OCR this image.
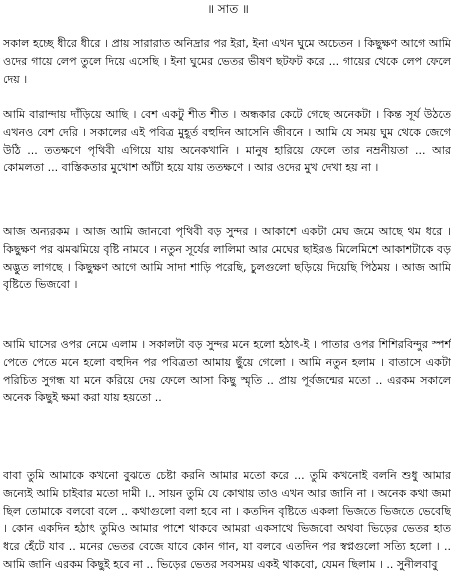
॥ সাত ॥

সকাল হচ্ছে ধীরে ধীরে । প্রায় সারারাত অনিদ্রার পর ইরা, ইনা এখন ঘুমে অচেতন । কিছুক্ষণ আগে আমি ওদের গায়ে লেপ তুলে দিয়ে এসেছি । ইনা ঘুমের ভেতর ভীষণ ছটফট করে ... গায়ের থেকে লেপ ফেলে দেয় ।

আমি বারান্দায় দাঁড়িয়ে আছি । বেশ একটু শীত শীত । অন্ধকার কেটে গেছে অনেকটা । কিন্ত সূর্য উঠতে এখনও বেশ দেরি । সকালের এই পবিত্র মুহূর্ত বহুদিন আসেনি জীবনে । আমি যে সময় ঘুম থেকে জেগে উঠি ... ততক্ষণে পৃথিবী এগিয়ে যায় অনেকখানি । মানুষ হারিয়ে ফেলে তার নম্রনীয়তা ... আর কোমলতা ... বাস্তিকতার মুখোশ আঁটা হয়ে যায় ততক্ষণে । আর ওদের মুখ দেখা হয় না ।

আজ অন্যরকম । আজ আমি জানবো পৃথিবী বড় সুন্দর । আকাশে একটা মেঘ জমে আছে থম ধরে । কিছুক্ষণ পর ঝমঝমিয়ে বৃষ্টি নামবে । নতুন সূর্যের লালিমা আর মেঘের ছাইরঙ মিলেমিশে আকাশটাকে বড় অদ্ভুত লাগছে । কিছুক্ষণ আগে আমি সাদা শাড়ি পরেছি, চুলগুলো ছড়িয়ে দিয়েছি পিঠময় । আজ আমি বৃষ্টিতে ভিজবো ।

আমি ঘাসের ওপর নেমে এলাম । সকালটা বড় সুন্দর মনে হলো হঠাৎ-ই । পাতার ওপর শিশিরবিন্দুর স্পর্শ পেতে পেতে মনে হলো বহুদিন পর পবিত্রতা আমায় ছুঁয়ে গেলো । আমি নতুন হলাম । বাতাসে একটা পরিচিত সুগন্ধ যা মনে করিয়ে দেয় ফেলে আসা কিছু স্মৃতি .. প্রায় পূর্বজন্মের মতো .. এরকম সকালে অনেক কিছুই ক্ষমা করা যায় হয়তো ..

বাবা তুমি আমাকে কখনো বুঝতে চেষ্টা করনি আমার মতো করে ... তুমি কখনোই বলনি শুধু আমার জন্যেই আমি চাইবার মতো দামী ।.. সায়ন তুমি যে কোথায় তাও এখন আর জানি না । অনেক কথা জমা ছিল তোমাকে বলবো বলে .. কথাগুলো বলা হবে না । কতদিন বৃষ্টিতে একলা ভিজতে ভিজতে ভেবেছি । কোন একদিন হঠাৎ তুমিও আমার পাশে থাকবে আমরা একসাথে ভিজবো অথবা ভিড়ের ভেতর হাত ধরে হেঁটে যাব .. মনের ভেতর বেজে যাবে কোন গান, যা বলবে এতদিন পর স্বপ্নগুলো সত্যি হলো । .. আমি জানি এরকম কিছুই হবে না .. ভিড়ের ভেতর সবসময় একই থাকবো, যেমন ছিলাম । .. সুনীলবাবু
